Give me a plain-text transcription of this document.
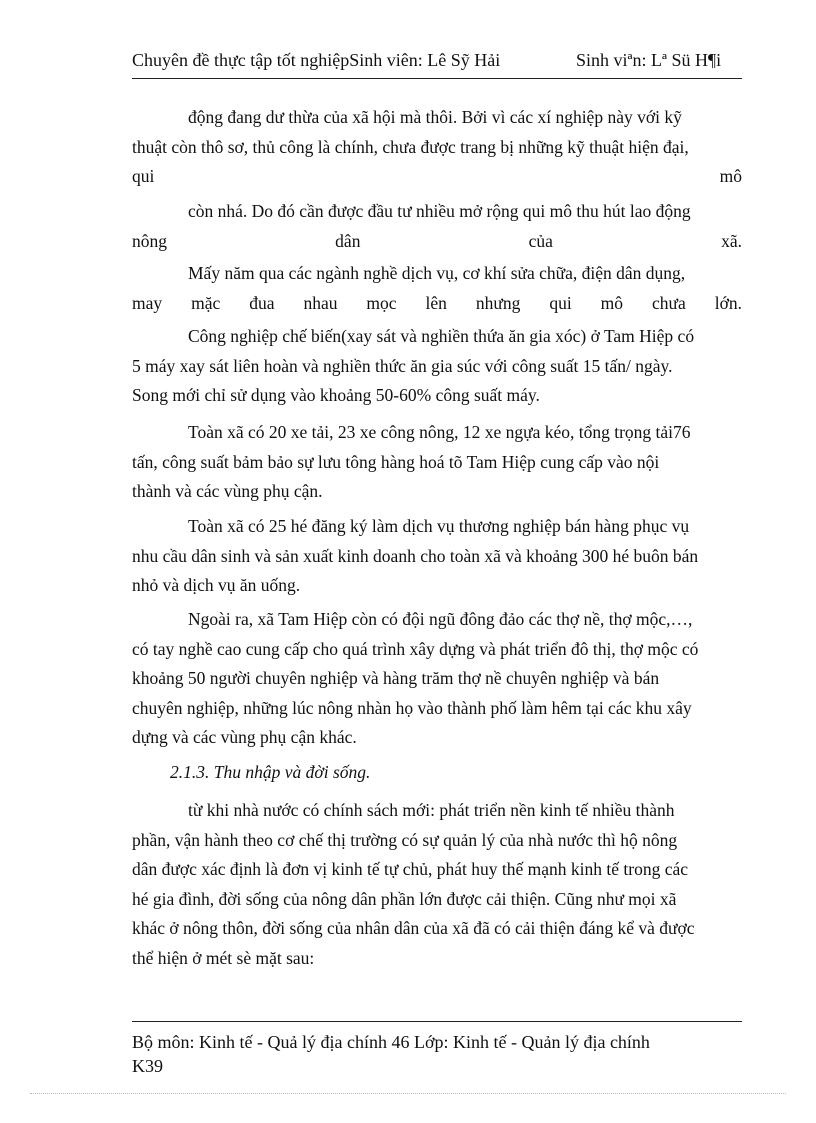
Chuyên đề thực tập tốt nghiệpSinh viên: Lê Sỹ Hải	Sinh viªn: Lª Sü H¶i
động đang dư thừa của xã hội mà thôi. Bởi vì các xí nghiệp này với kỹ
thuật còn thô sơ, thủ công là chính, chưa được trang bị những kỹ thuật hiện đại,
qui	mô
còn nhá. Do đó cần được đầu tư nhiều mở rộng qui mô thu hút lao động
nông	dân	của	xã.
Mấy năm qua các ngành nghề dịch vụ, cơ khí sửa chữa, điện dân dụng,
may mặc đua nhau mọc lên nhưng qui mô chưa lớn.
Công nghiệp chế biến(xay sát và nghiền thứa ăn gia xóc) ở Tam Hiệp có
5 máy xay sát liên hoàn và nghiền thức ăn gia súc với công suất 15 tấn/ ngày.
Song mới chỉ sử dụng vào khoảng 50-60% công suất máy.
Toàn xã có 20 xe tải, 23 xe công nông, 12 xe ngựa kéo, tổng trọng tải76
tấn, công suất bảm bảo sự lưu tông hàng hoá tõ Tam Hiệp cung cấp vào nội
thành và các vùng phụ cận.
Toàn xã có 25 hé đăng ký làm dịch vụ thương nghiệp bán hàng phục vụ
nhu cầu dân sinh và sản xuất kinh doanh cho toàn xã và khoảng 300 hé buôn bán
nhỏ và dịch vụ ăn uống.
Ngoài ra, xã Tam Hiệp còn có đội ngũ đông đảo các thợ nề, thợ mộc,…,
có tay nghề cao cung cấp cho quá trình xây dựng và phát triển đô thị, thợ mộc có
khoảng 50 người chuyên nghiệp và hàng trăm thợ nề chuyên nghiệp và bán
chuyên nghiệp, những lúc nông nhàn họ vào thành phố làm hêm tại các khu xây
dựng và các vùng phụ cận khác.
2.1.3. Thu nhập và đời sống.
từ khi nhà nước có chính sách mới: phát triển nền kinh tế nhiều thành
phần, vận hành theo cơ chế thị trường có sự quản lý của nhà nước thì hộ nông
dân được xác định là đơn vị kinh tế tự chủ, phát huy thế mạnh kinh tế trong các
hé gia đình, đời sống của nông dân phần lớn được cải thiện. Cũng như mọi xã
khác ở nông thôn, đời sống của nhân dân của xã đã có cải thiện đáng kể và được
thể hiện ở mét sè mặt sau:
Bộ môn: Kinh tế - Quả lý địa chính 46 Lớp: Kinh tế - Quản lý địa chính
K39
